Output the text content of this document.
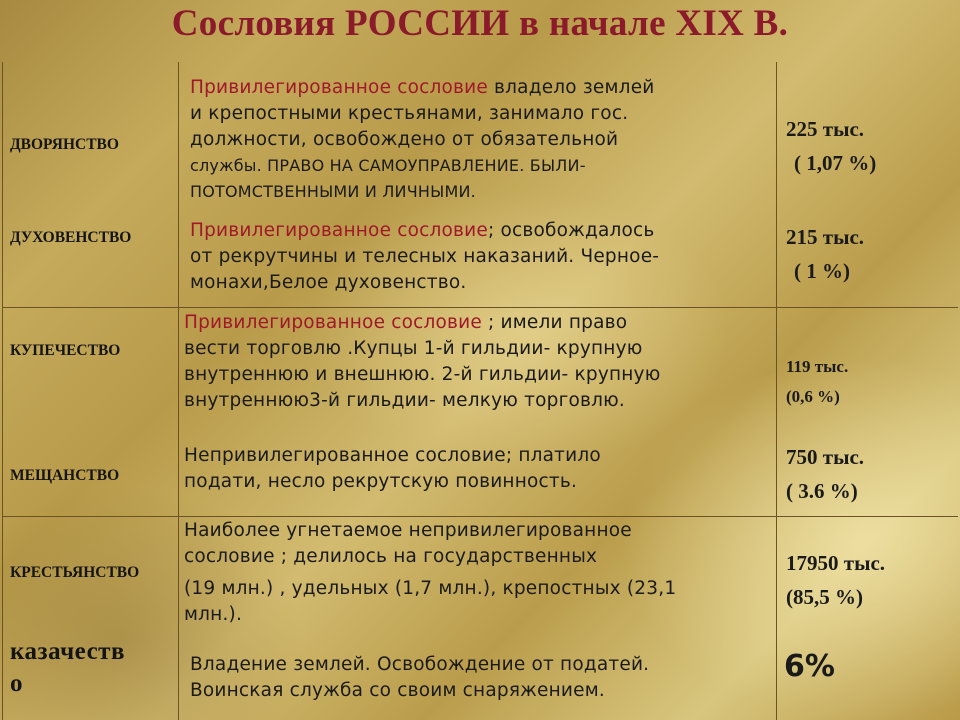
Сословия РОССИИ в начале XIX В.
ДВОРЯНСТВО
Привилегированное сословие владело землей
и крепостными крестьянами, занимало гос.
должности, освобождено от обязательной
службы. ПРАВО НА САМОУПРАВЛЕНИЕ. БЫЛИ-
ПОТОМСТВЕННЫМИ И ЛИЧНЫМИ.
225 тыс.
( 1,07 %)
ДУХОВЕНСТВО	Привилегированное сословие; освобождалось
от рекрутчины и телесных наказаний. Черное-
монахи,Белое духовенство.
215 тыс.
( 1 %)
КУПЕЧЕСТВО
Привилегированное сословие ; имели право
вести торговлю .Купцы 1-й гильдии- крупную
внутреннюю и внешнюю. 2-й гильдии- крупную
внутреннюю3-й гильдии- мелкую торговлю.
119 тыс.
(0,6 %)
МЕЩАНСТВО
Непривилегированное сословие; платило
подати, несло рекрутскую повинность.
750 тыс.
( 3.6 %)
КРЕСТЬЯНСТВО
Наиболее угнетаемое непривилегированное
сословие ; делилось на государственных
(19 млн.) , удельных (1,7 млн.), крепостных (23,1
млн.).
17950 тыс.
(85,5 %)
казачеств
о
Владение землей. Освобождение от податей.
Воинская служба со своим снаряжением.
6%
